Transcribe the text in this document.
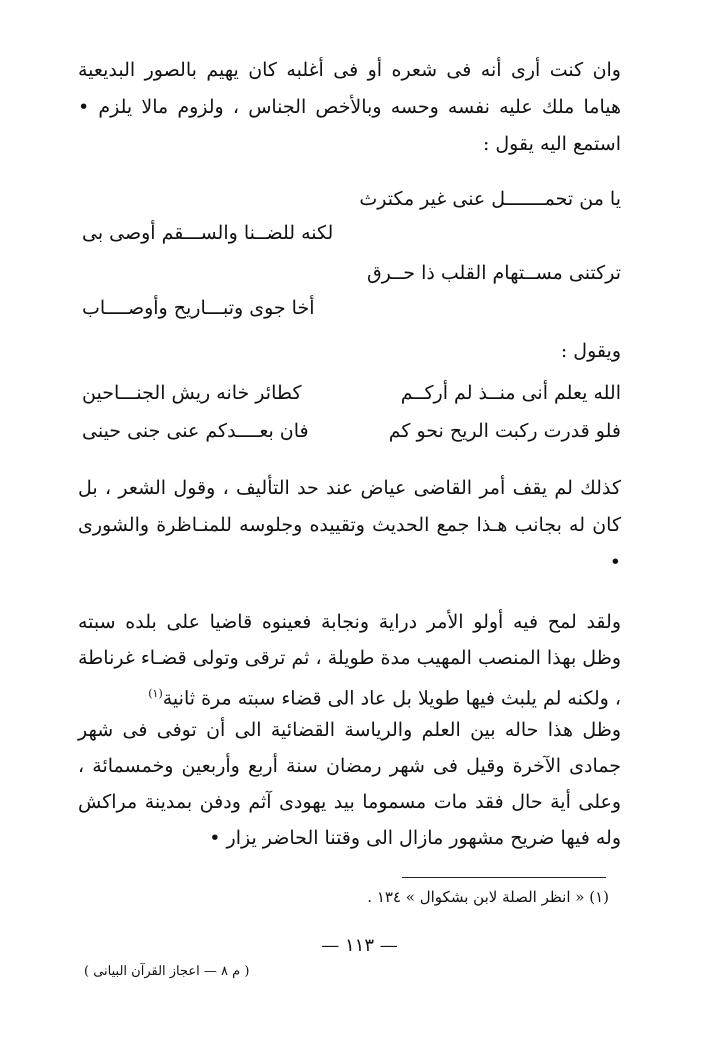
وان كنت أرى أنه فى شعره أو فى أغلبه كان يهيم بالصور البديعية هياما ملك عليه نفسه وحسه وبالأخص الجناس ، ولزوم مالا يلزم • استمع اليه يقول :

يا من تحمـــــــل عنى غير مكترث
لكنه للضــنا والســـقم أوصى بى
تركتنى مســتهام القلب ذا حــرق
أخا جوى وتبـــاريح وأوصــــاب
ويقول :
الله يعلم أنى منــذ لم أركــم
كطائر خانه ريش الجنـــاحين
فلو قدرت ركبت الريح نحو كم
فان بعــــدكم عنى جنى حينى

كذلك لم يقف أمر القاضى عياض عند حد التأليف ، وقول الشعر ، بل كان له بجانب هـذا جمع الحديث وتقييده وجلوسه للمنـاظرة والشورى •

ولقد لمح فيه أولو الأمر دراية ونجابة فعينوه قاضيا على بلده سبته وظل بهذا المنصب المهيب مدة طويلة ، ثم ترقى وتولى قضـاء غرناطة ، ولكنه لم يلبث فيها طويلا بل عاد الى قضاء سبته مرة ثانية$^{(١)}$

وظل هذا حاله بين العلم والرياسة القضائية الى أن توفى فى شهر جمادى الآخرة وقيل فى شهر رمضان سنة أربع وأربعين وخمسمائة ، وعلى أية حال فقد مات مسموما بيد يهودى آثم ودفن بمدينة مراكش وله فيها ضريح مشهور مازال الى وقتنا الحاضر يزار •

(١) « انظر الصلة لابن بشكوال » ١٣٤ .
— ١١٣ —
( م ٨ — اعجاز القرآن البيانى )
